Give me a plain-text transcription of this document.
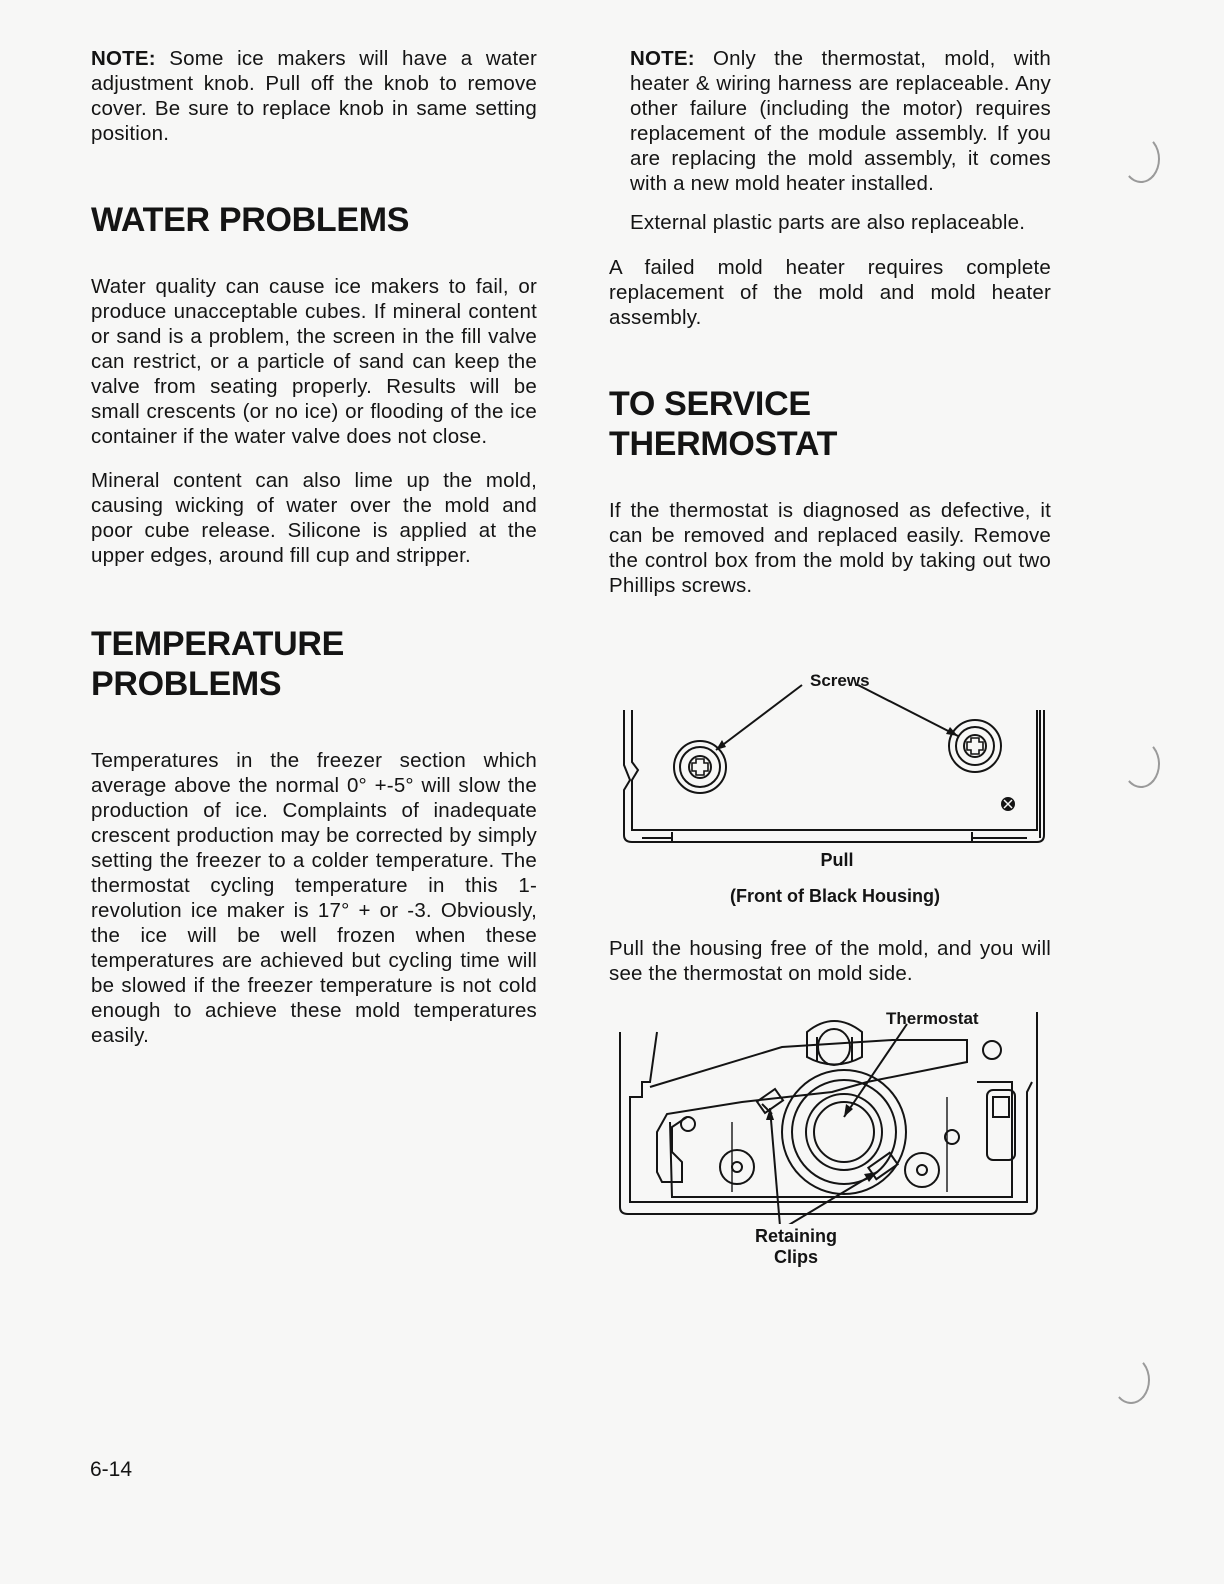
NOTE: Some ice makers will have a water adjustment knob. Pull off the knob to remove cover. Be sure to replace knob in same setting position.

WATER PROBLEMS

Water quality can cause ice makers to fail, or produce unacceptable cubes. If mineral content or sand is a problem, the screen in the fill valve can restrict, or a particle of sand can keep the valve from seating properly. Results will be small crescents (or no ice) or flooding of the ice container if the water valve does not close.

Mineral content can also lime up the mold, causing wicking of water over the mold and poor cube release. Silicone is applied at the upper edges, around fill cup and stripper.

TEMPERATURE
PROBLEMS

Temperatures in the freezer section which average above the normal 0° +-5° will slow the production of ice. Complaints of inadequate crescent production may be corrected by simply setting the freezer to a colder temperature. The thermostat cycling temperature in this 1-revolution ice maker is 17° + or -3. Obviously, the ice will be well frozen when these temperatures are achieved but cycling time will be slowed if the freezer temperature is not cold enough to achieve these mold temperatures easily.

NOTE: Only the thermostat, mold, with heater & wiring harness are replaceable. Any other failure (including the motor) requires replacement of the module assembly. If you are replacing the mold assembly, it comes with a new mold heater installed.

External plastic parts are also replaceable.

A failed mold heater requires complete replacement of the mold and mold heater assembly.

TO SERVICE
THERMOSTAT

If the thermostat is diagnosed as defective, it can be removed and replaced easily. Remove the control box from the mold by taking out two Phillips screws.

Screws
Pull
(Front of Black Housing)

Pull the housing free of the mold, and you will see the thermostat on mold side.

Thermostat
Retaining
Clips
6-14
